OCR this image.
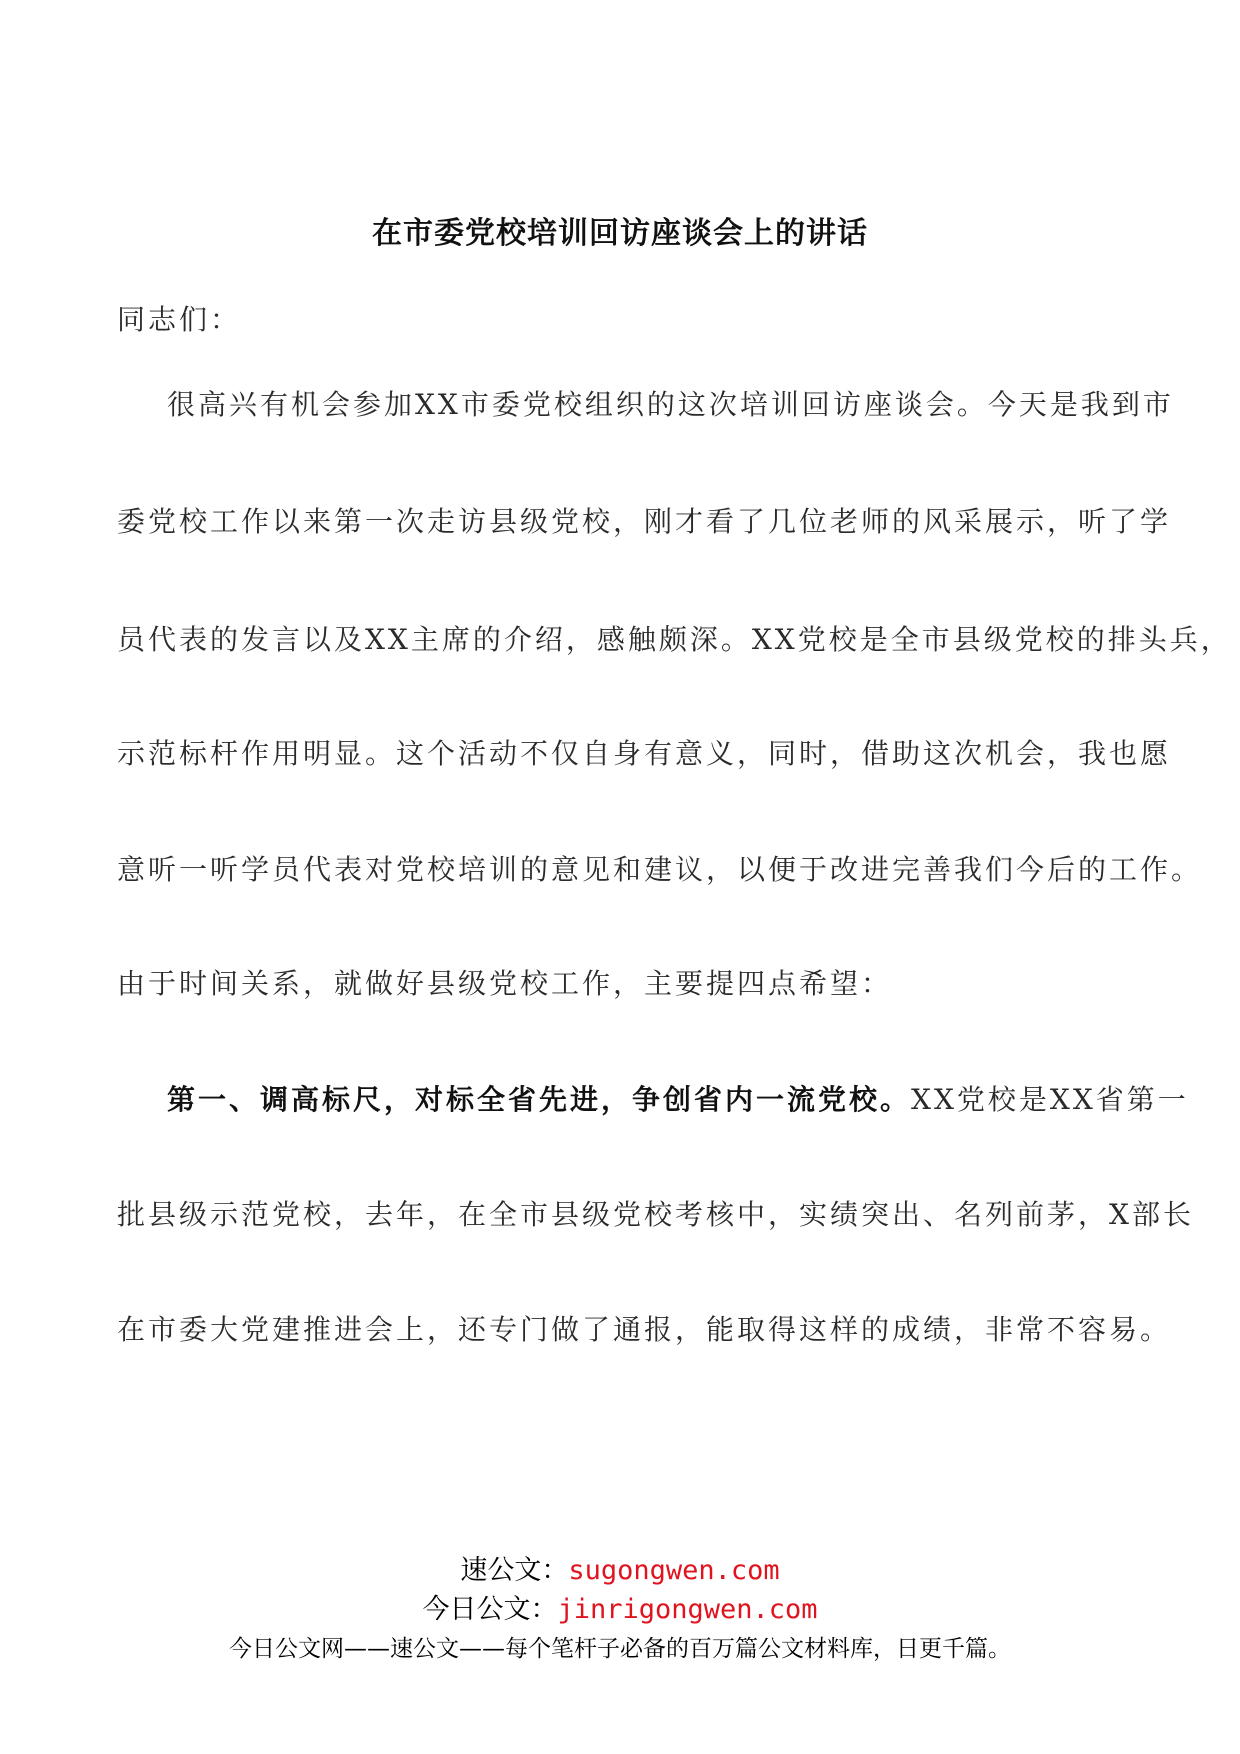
在市委党校培训回访座谈会上的讲话
同志们：
很高兴有机会参加XX市委党校组织的这次培训回访座谈会。今天是我到市
委党校工作以来第一次走访县级党校，刚才看了几位老师的风采展示，听了学
员代表的发言以及XX主席的介绍，感触颇深。XX党校是全市县级党校的排头兵，
示范标杆作用明显。这个活动不仅自身有意义，同时，借助这次机会，我也愿
意听一听学员代表对党校培训的意见和建议，以便于改进完善我们今后的工作。
由于时间关系，就做好县级党校工作，主要提四点希望：
第一、调高标尺，对标全省先进，争创省内一流党校。XX党校是XX省第一
批县级示范党校，去年，在全市县级党校考核中，实绩突出、名列前茅，X部长
在市委大党建推进会上，还专门做了通报，能取得这样的成绩，非常不容易。
速公文：sugongwen.com
今日公文：jinrigongwen.com
今日公文网——速公文——每个笔杆子必备的百万篇公文材料库，日更千篇。
